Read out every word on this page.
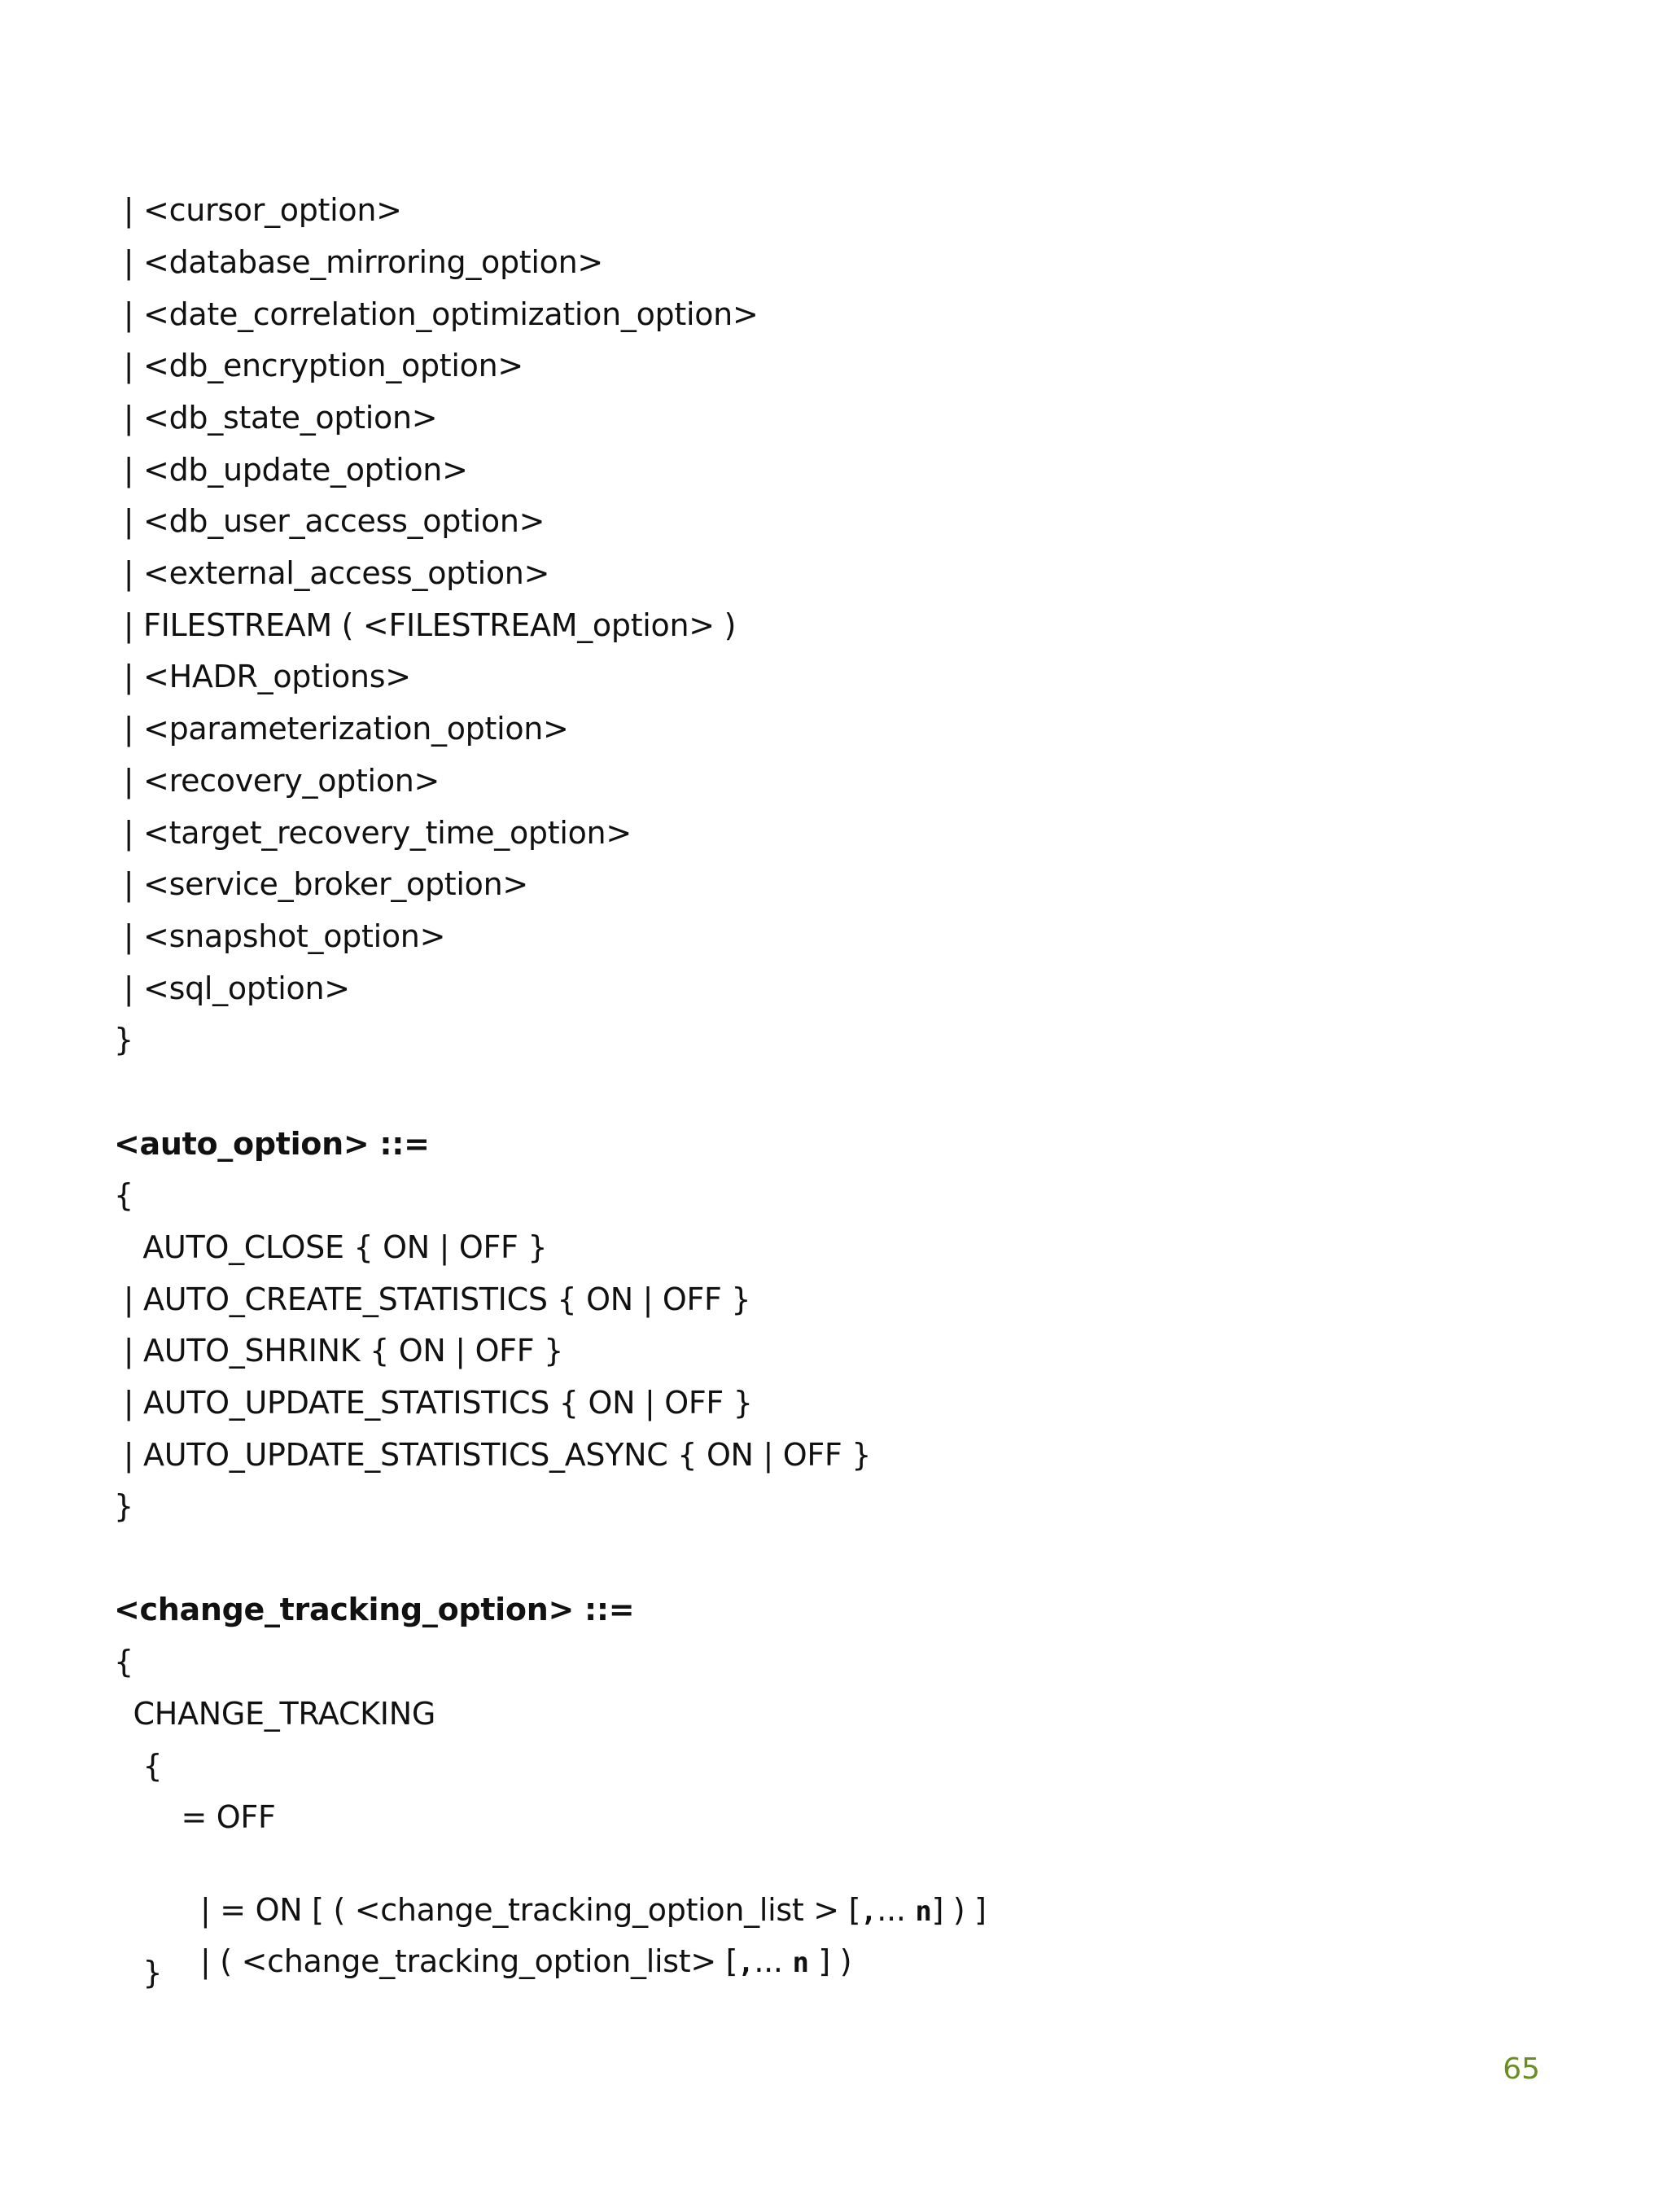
| <cursor_option>
| <database_mirroring_option>
| <date_correlation_optimization_option>
| <db_encryption_option>
| <db_state_option>
| <db_update_option>
| <db_user_access_option>
| <external_access_option>
| FILESTREAM ( <FILESTREAM_option> )
| <HADR_options>
| <parameterization_option>
| <recovery_option>
| <target_recovery_time_option>
| <service_broker_option>
| <snapshot_option>
| <sql_option>
}
<auto_option> ::=
{
AUTO_CLOSE { ON | OFF }
| AUTO_CREATE_STATISTICS { ON | OFF }
| AUTO_SHRINK { ON | OFF }
| AUTO_UPDATE_STATISTICS { ON | OFF }
| AUTO_UPDATE_STATISTICS_ASYNC { ON | OFF }
}
<change_tracking_option> ::=
{
CHANGE_TRACKING
{
= OFF

| = ON [ ( <change_tracking_option_list > [,... n] ) ]

| ( <change_tracking_option_list> [,... n ] )

}
65
